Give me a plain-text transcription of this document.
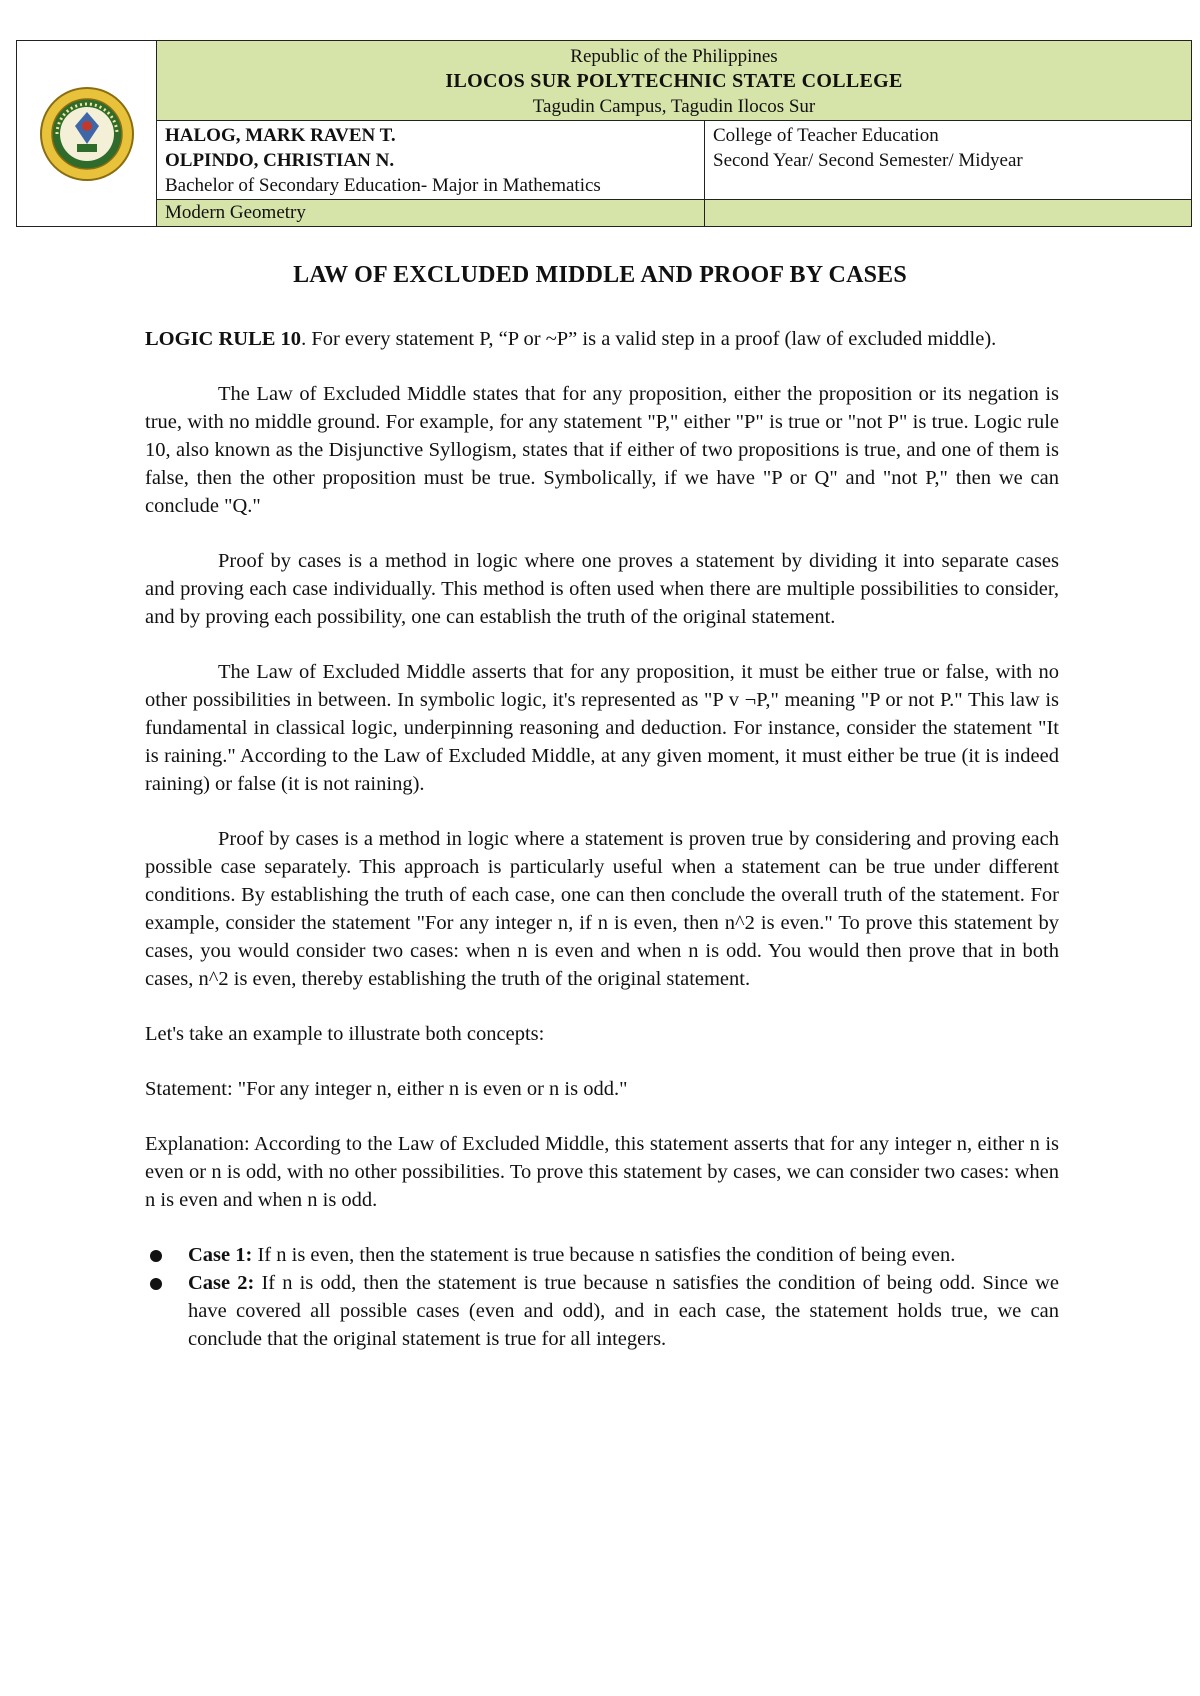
Republic of the Philippines
ILOCOS SUR POLYTECHNIC STATE COLLEGE
Tagudin Campus, Tagudin Ilocos Sur
HALOG, MARK RAVEN T.
OLPINDO, CHRISTIAN N.
Bachelor of Secondary Education- Major in Mathematics
College of Teacher Education
Second Year/ Second Semester/ Midyear
Modern Geometry
LAW OF EXCLUDED MIDDLE AND PROOF BY CASES

LOGIC RULE 10. For every statement P, “P or ~P” is a valid step in a proof (law of excluded middle).

The Law of Excluded Middle states that for any proposition, either the proposition or its negation is true, with no middle ground. For example, for any statement "P," either "P" is true or "not P" is true. Logic rule 10, also known as the Disjunctive Syllogism, states that if either of two propositions is true, and one of them is false, then the other proposition must be true. Symbolically, if we have "P or Q" and "not P," then we can conclude "Q."

Proof by cases is a method in logic where one proves a statement by dividing it into separate cases and proving each case individually. This method is often used when there are multiple possibilities to consider, and by proving each possibility, one can establish the truth of the original statement.

The Law of Excluded Middle asserts that for any proposition, it must be either true or false, with no other possibilities in between. In symbolic logic, it's represented as "P v ¬P," meaning "P or not P." This law is fundamental in classical logic, underpinning reasoning and deduction. For instance, consider the statement "It is raining." According to the Law of Excluded Middle, at any given moment, it must either be true (it is indeed raining) or false (it is not raining).

Proof by cases is a method in logic where a statement is proven true by considering and proving each possible case separately. This approach is particularly useful when a statement can be true under different conditions. By establishing the truth of each case, one can then conclude the overall truth of the statement. For example, consider the statement "For any integer n, if n is even, then n^2 is even." To prove this statement by cases, you would consider two cases: when n is even and when n is odd. You would then prove that in both cases, n^2 is even, thereby establishing the truth of the original statement.

Let's take an example to illustrate both concepts:

Statement: "For any integer n, either n is even or n is odd."

Explanation: According to the Law of Excluded Middle, this statement asserts that for any integer n, either n is even or n is odd, with no other possibilities. To prove this statement by cases, we can consider two cases: when n is even and when n is odd.

Case 1: If n is even, then the statement is true because n satisfies the condition of being even.
Case 2: If n is odd, then the statement is true because n satisfies the condition of being odd. Since we have covered all possible cases (even and odd), and in each case, the statement holds true, we can conclude that the original statement is true for all integers.
